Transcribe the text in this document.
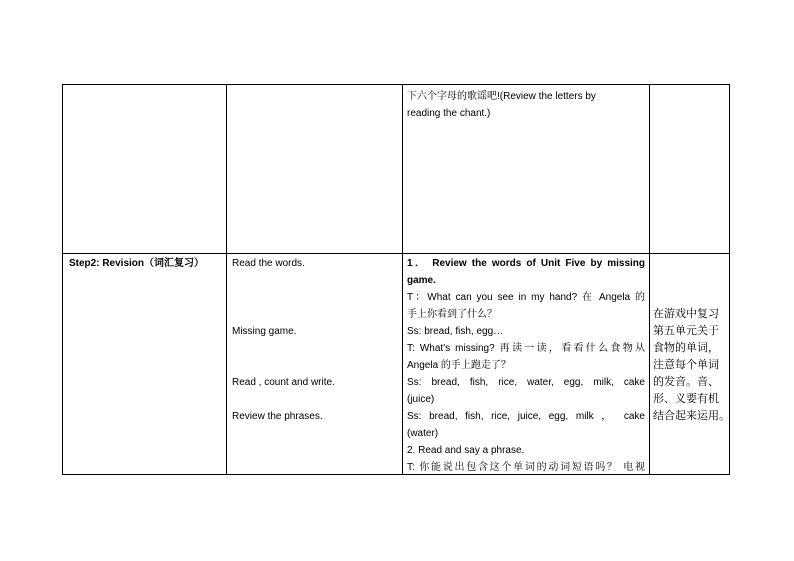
下六个字母的歌谣吧!(Review the letters by
reading the chant.)
Step2: Revision（词汇复习）	Read the words.
Missing game.
Read , count and write.
Review the phrases.
1． Review the words of Unit Five by missing
game.
T：What can you see in my hand? 在 Angela 的
手上你看到了什么？
Ss: bread, fish, egg…
T: What's missing? 再读一读，看看什么食物从
Angela 的手上跑走了？
Ss: bread, fish, rice, water, egg, milk, cake
(juice)
Ss: bread, fish, rice, juice, egg, milk ， cake
(water)
2. Read and say a phrase.
T: 你能说出包含这个单词的动词短语吗？ 电视
在游戏中复习
第五单元关于
食物的单词，
注意每个单词
的发音。音、
形、义要有机
结合起来运用。
